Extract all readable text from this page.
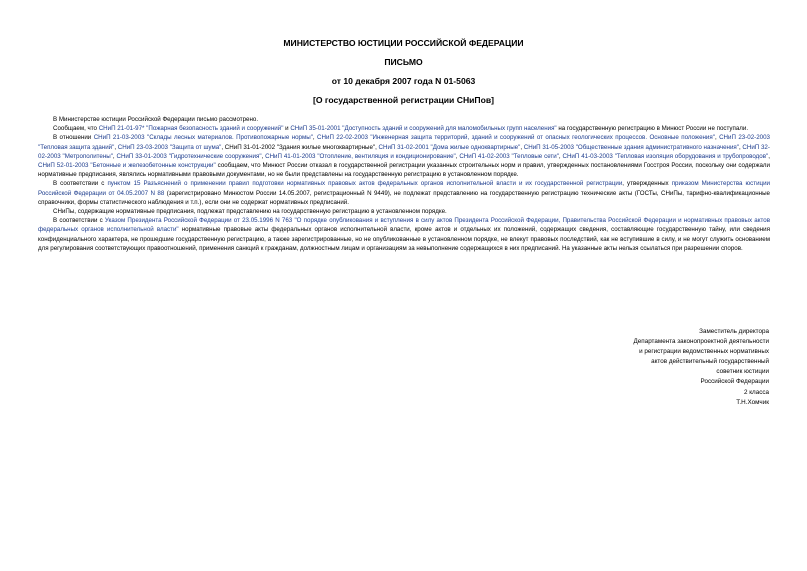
МИНИСТЕРСТВО ЮСТИЦИИ РОССИЙСКОЙ ФЕДЕРАЦИИ
ПИСЬМО
от 10 декабря 2007 года N 01-5063
[О государственной регистрации СНиПов]

В Министерстве юстиции Российской Федерации письмо рассмотрено.

Сообщаем, что СНиП 21-01-97* "Пожарная безопасность зданий и сооружений" и СНиП 35-01-2001 "Доступность зданий и сооружений для маломобильных групп населения" на государственную регистрацию в Минюст России не поступали.

В отношении СНиП 21-03-2003 "Склады лесных материалов. Противопожарные нормы", СНиП 22-02-2003 "Инженерная защита территорий, зданий и сооружений от опасных геологических процессов. Основные положения", СНиП 23-02-2003 "Тепловая защита зданий", СНиП 23-03-2003 "Защита от шума", СНиП 31-01-2002 "Здания жилые многоквартирные", СНиП 31-02-2001 "Дома жилые одноквартирные", СНиП 31-05-2003 "Общественные здания административного назначения", СНиП 32-02-2003 "Метрополитены", СНиП 33-01-2003 "Гидротехнические сооружения", СНиП 41-01-2003 "Отопление, вентиляция и кондиционирование", СНиП 41-02-2003 "Тепловые сети", СНиП 41-03-2003 "Тепловая изоляция оборудования и трубопроводов", СНиП 52-01-2003 "Бетонные и железобетонные конструкции" сообщаем, что Минюст России отказал в государственной регистрации указанных строительных норм и правил, утвержденных постановлениями Госстроя России, поскольку они содержали нормативные предписания, являлись нормативными правовыми документами, но не были представлены на государственную регистрацию в установленном порядке.

В соответствии с пунктом 15 Разъяснений о применении правил подготовки нормативных правовых актов федеральных органов исполнительной власти и их государственной регистрации, утвержденных приказом Министерства юстиции Российской Федерации от 04.05.2007 N 88 (зарегистрировано Минюстом России 14.05.2007, регистрационный N 9449), не подлежат представлению на государственную регистрацию технические акты (ГОСТы, СНиПы, тарифно-квалификационные справочники, формы статистического наблюдения и т.п.), если они не содержат нормативных предписаний.

СНиПы, содержащие нормативные предписания, подлежат представлению на государственную регистрацию в установленном порядке.

В соответствии с Указом Президента Российской Федерации от 23.05.1996 N 763 "О порядке опубликования и вступления в силу актов Президента Российской Федерации, Правительства Российской Федерации и нормативных правовых актов федеральных органов исполнительной власти" нормативные правовые акты федеральных органов исполнительной власти, кроме актов и отдельных их положений, содержащих сведения, составляющие государственную тайну, или сведения конфиденциального характера, не прошедшие государственную регистрацию, а также зарегистрированные, но не опубликованные в установленном порядке, не влекут правовых последствий, как не вступившие в силу, и не могут служить основанием для регулирования соответствующих правоотношений, применения санкций к гражданам, должностным лицам и организациям за невыполнение содержащихся в них предписаний. На указанные акты нельзя ссылаться при разрешении споров.

Заместитель директора
Департамента законопроектной деятельности
и регистрации ведомственных нормативных
актов действительный государственный
советник юстиции
Российской Федерации
2 класса
Т.Н.Хомчик
